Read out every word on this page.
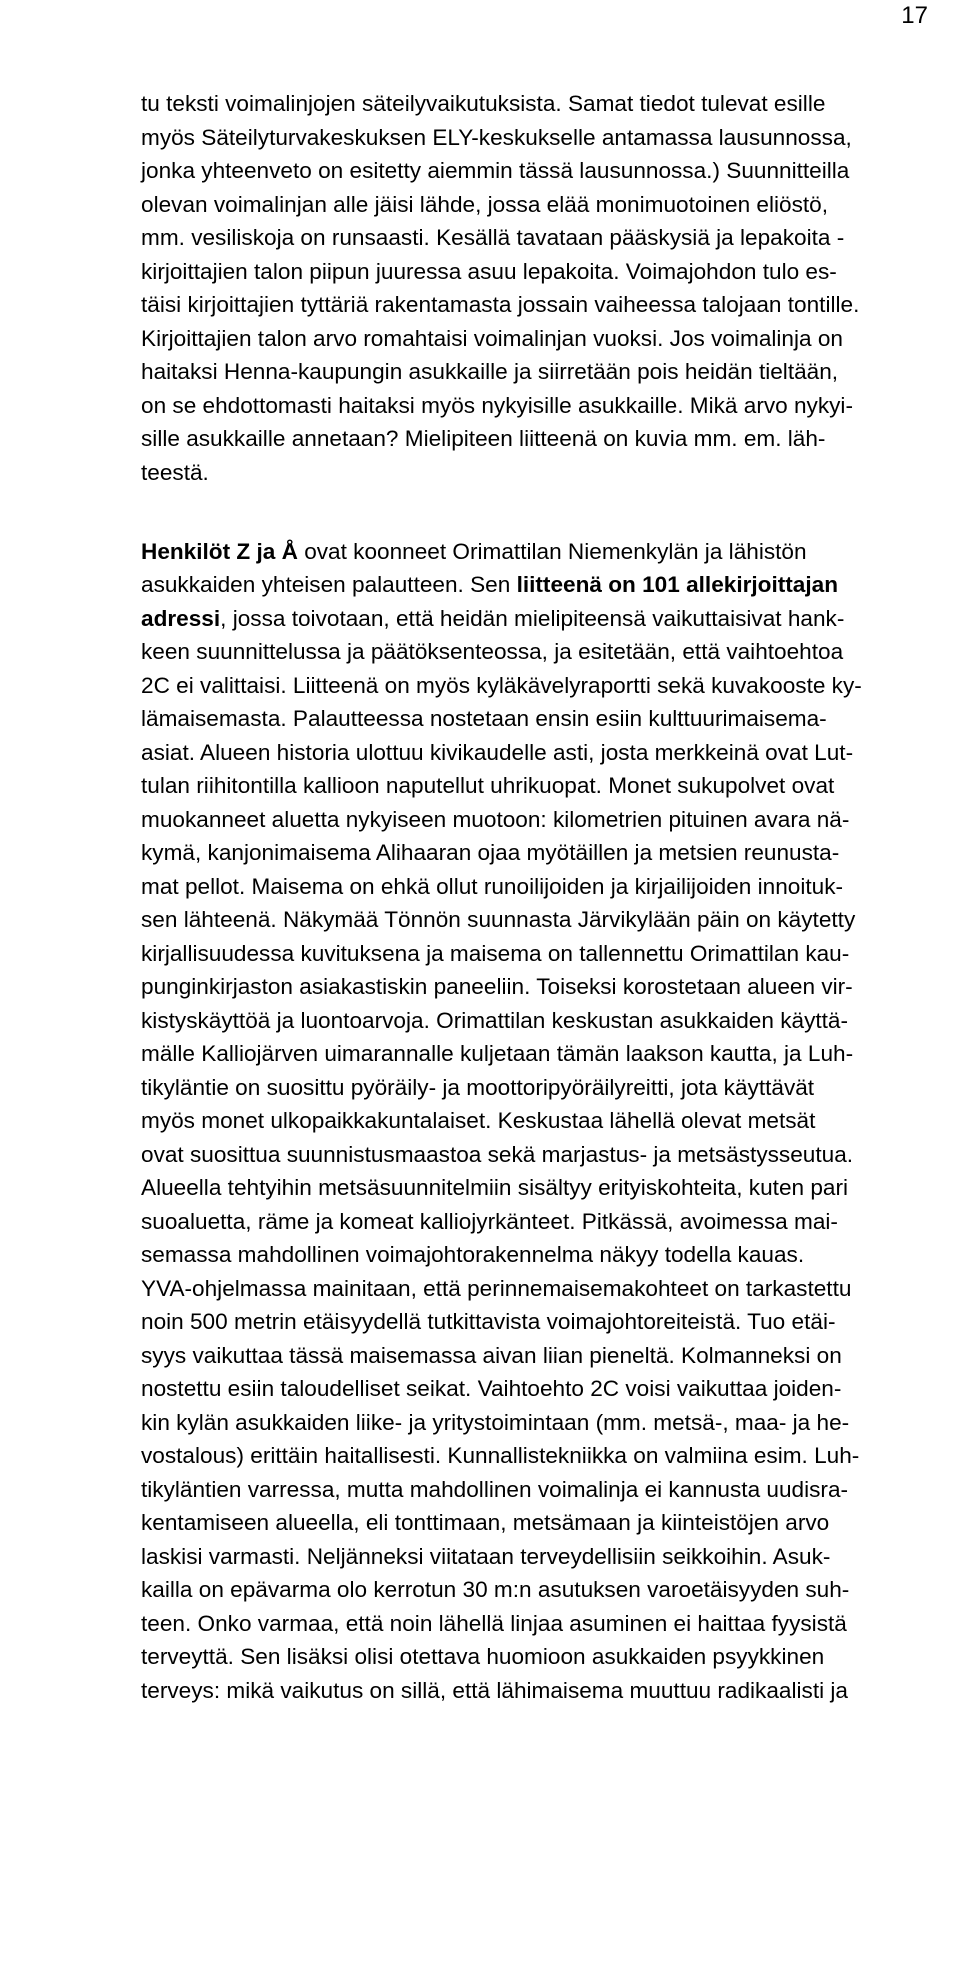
17
tu teksti voimalinjojen säteilyvaikutuksista. Samat tiedot tulevat esille
myös Säteilyturvakeskuksen ELY-keskukselle antamassa lausunnossa,
jonka yhteenveto on esitetty aiemmin tässä lausunnossa.) Suunnitteilla
olevan voimalinjan alle jäisi lähde, jossa elää monimuotoinen eliöstö,
mm. vesiliskoja on runsaasti. Kesällä tavataan pääskysiä ja lepakoita -
kirjoittajien talon piipun juuressa asuu lepakoita. Voimajohdon tulo es-
täisi kirjoittajien tyttäriä rakentamasta jossain vaiheessa talojaan tontille.
Kirjoittajien talon arvo romahtaisi voimalinjan vuoksi. Jos voimalinja on
haitaksi Henna-kaupungin asukkaille ja siirretään pois heidän tieltään,
on se ehdottomasti haitaksi myös nykyisille asukkaille. Mikä arvo nykyi-
sille asukkaille annetaan? Mielipiteen liitteenä on kuvia mm. em. läh-
teestä.
Henkilöt Z ja Å ovat koonneet Orimattilan Niemenkylän ja lähistön
asukkaiden yhteisen palautteen. Sen liitteenä on 101 allekirjoittajan
adressi, jossa toivotaan, että heidän mielipiteensä vaikuttaisivat hank-
keen suunnittelussa ja päätöksenteossa, ja esitetään, että vaihtoehtoa
2C ei valittaisi. Liitteenä on myös kyläkävelyraportti sekä kuvakooste ky-
lämaisemasta. Palautteessa nostetaan ensin esiin kulttuurimaisema-
asiat. Alueen historia ulottuu kivikaudelle asti, josta merkkeinä ovat Lut-
tulan riihitontilla kallioon naputellut uhrikuopat. Monet sukupolvet ovat
muokanneet aluetta nykyiseen muotoon: kilometrien pituinen avara nä-
kymä, kanjonimaisema Alihaaran ojaa myötäillen ja metsien reunusta-
mat pellot. Maisema on ehkä ollut runoilijoiden ja kirjailijoiden innoituk-
sen lähteenä. Näkymää Tönnön suunnasta Järvikylään päin on käytetty
kirjallisuudessa kuvituksena ja maisema on tallennettu Orimattilan kau-
punginkirjaston asiakastiskin paneeliin. Toiseksi korostetaan alueen vir-
kistyskäyttöä ja luontoarvoja. Orimattilan keskustan asukkaiden käyttä-
mälle Kalliojärven uimarannalle kuljetaan tämän laakson kautta, ja Luh-
tikyläntie on suosittu pyöräily- ja moottoripyöräilyreitti, jota käyttävät
myös monet ulkopaikkakuntalaiset. Keskustaa lähellä olevat metsät
ovat suosittua suunnistusmaastoa sekä marjastus- ja metsästysseutua.
Alueella tehtyihin metsäsuunnitelmiin sisältyy erityiskohteita, kuten pari
suoaluetta, räme ja komeat kalliojyrkänteet. Pitkässä, avoimessa mai-
semassa mahdollinen voimajohtorakennelma näkyy todella kauas.
YVA-ohjelmassa mainitaan, että perinnemaisemakohteet on tarkastettu
noin 500 metrin etäisyydellä tutkittavista voimajohtoreiteistä. Tuo etäi-
syys vaikuttaa tässä maisemassa aivan liian pieneltä. Kolmanneksi on
nostettu esiin taloudelliset seikat. Vaihtoehto 2C voisi vaikuttaa joiden-
kin kylän asukkaiden liike- ja yritystoimintaan (mm. metsä-, maa- ja he-
vostalous) erittäin haitallisesti. Kunnallistekniikka on valmiina esim. Luh-
tikyläntien varressa, mutta mahdollinen voimalinja ei kannusta uudisra-
kentamiseen alueella, eli tonttimaan, metsämaan ja kiinteistöjen arvo
laskisi varmasti. Neljänneksi viitataan terveydellisiin seikkoihin. Asuk-
kailla on epävarma olo kerrotun 30 m:n asutuksen varoetäisyyden suh-
teen. Onko varmaa, että noin lähellä linjaa asuminen ei haittaa fyysistä
terveyttä. Sen lisäksi olisi otettava huomioon asukkaiden psyykkinen
terveys: mikä vaikutus on sillä, että lähimaisema muuttuu radikaalisti ja
